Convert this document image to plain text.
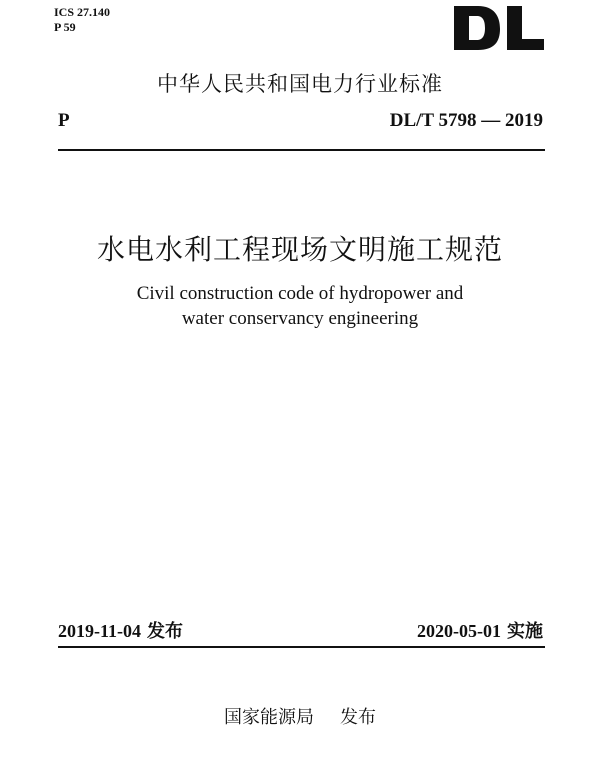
ICS 27.140
P 59
中华人民共和国电力行业标准
P	DL/T 5798 — 2019
水电水利工程现场文明施工规范
Civil construction code of hydropower and
water conservancy engineering
2019-11-04 发布	2020-05-01 实施
国家能源局 发布
